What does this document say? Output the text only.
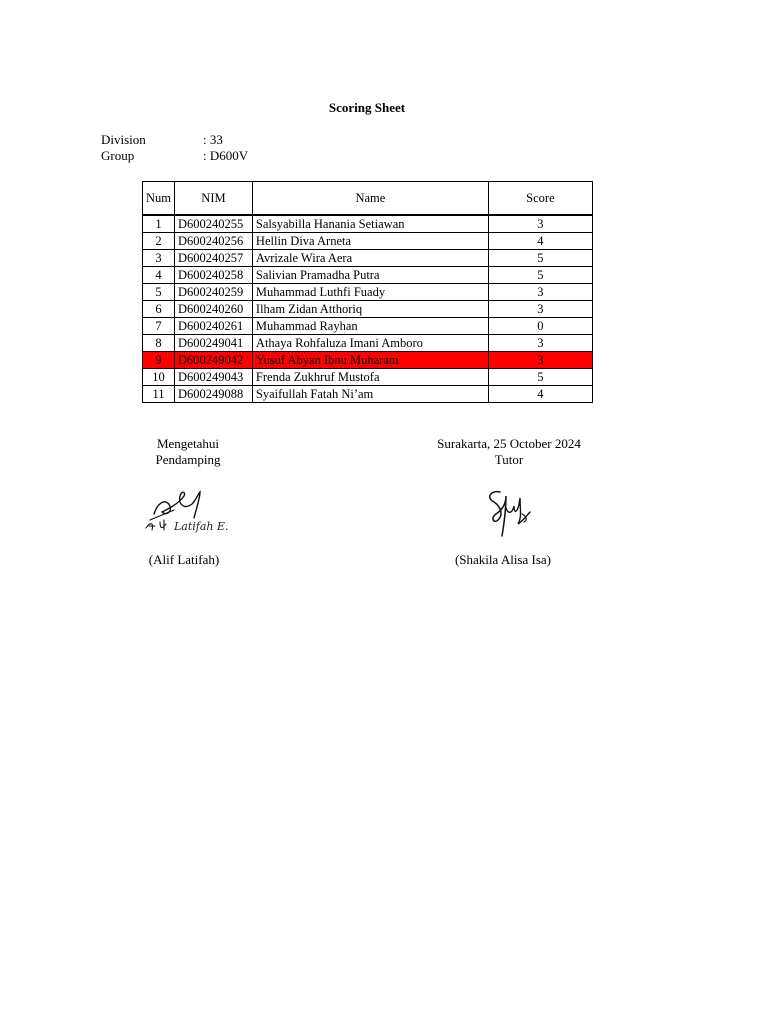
Scoring Sheet
Division	: 33
Group	: D600V
Num	NIM	Name	Score
1	D600240255	Salsyabilla Hanania Setiawan	3
2	D600240256	Hellin Diva Arneta	4
3	D600240257	Avrizale Wira Aera	5
4	D600240258	Salivian Pramadha Putra	5
5	D600240259	Muhammad Luthfi Fuady	3
6	D600240260	Ilham Zidan Atthoriq	3
7	D600240261	Muhammad Rayhan	0
8	D600249041	Athaya Rohfaluza Imani Amboro	3
9	D600249042	Yusuf Abyan Ibnu Muharam	3
10	D600249043	Frenda Zukhruf Mustofa	5
11	D600249088	Syaifullah Fatah Ni’am	4
Mengetahui
Pendamping
Surakarta, 25 October 2024
Tutor
Latifah E.
(Alif Latifah)	(Shakila Alisa Isa)
